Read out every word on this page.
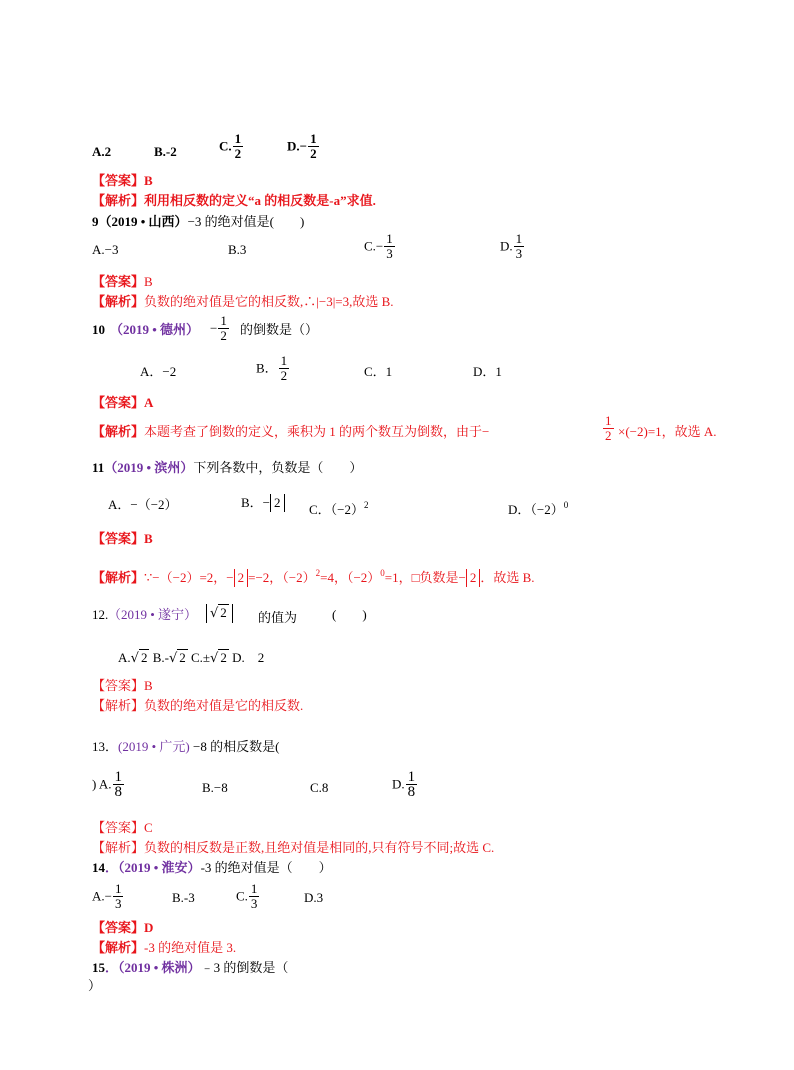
A.2	B.-2	C. $\frac{1}{2}$	$D.- \frac{1}{2}$
【答案】B
【解析】利用相反数的定义“a 的相反数是-a”求值.
9（2019 • 山西）−3 的绝对值是(　　)
A.−3	B.3	$C.- \frac{1}{3}$	D. $\frac{1}{3}$
【答案】B
【解析】负数的绝对值是它的相反数,∴|−3|=3,故选 B.
10 （2019 • 德州） − $\frac{1}{2}$ 的倒数是（）
A．−2	B． $\frac{1}{2}$	C．1	D．1
【答案】A
【解析】 本题考查了倒数的定义，乘积为 1 的两个数互为倒数，由于−	$\frac{1}{2} \times(-2)=1$，故选 A.
11（2019 • 滨州）下列各数中，负数是（　　）
A．−（−2）	B．− 2	C．$(-2)^2$	D．$(-2)^0$
【答案】B
【解析】∵−（−2）=2，− 2 =−2，$(-2)^2=4$，$(-2)^0=1$，□负数是− 2 ．故选 B.
12. （2019 • 遂宁） √ 2	的值为	(　　)
A.√ 2 B.-√ 2 C.±√ 2 D.　2
【答案】B
【解析】负数的绝对值是它的相反数.
13．(2019 • 广元) −8 的相反数是(
) A. $\frac{1}{8}$	B.−8	C.8	D. $\frac{1}{8}$
【答案】C
【解析】负数的相反数是正数,且绝对值是相同的,只有符号不同;故选 C.
14．（2019 • 淮安）-3 的绝对值是（　　）
$A.- \frac{1}{3}$	B.-3	C. $\frac{1}{3}$	D.3
【答案】D
【解析】-3 的绝对值是 3.
15．（2019 • 株洲）﹣3 的倒数是（
）
